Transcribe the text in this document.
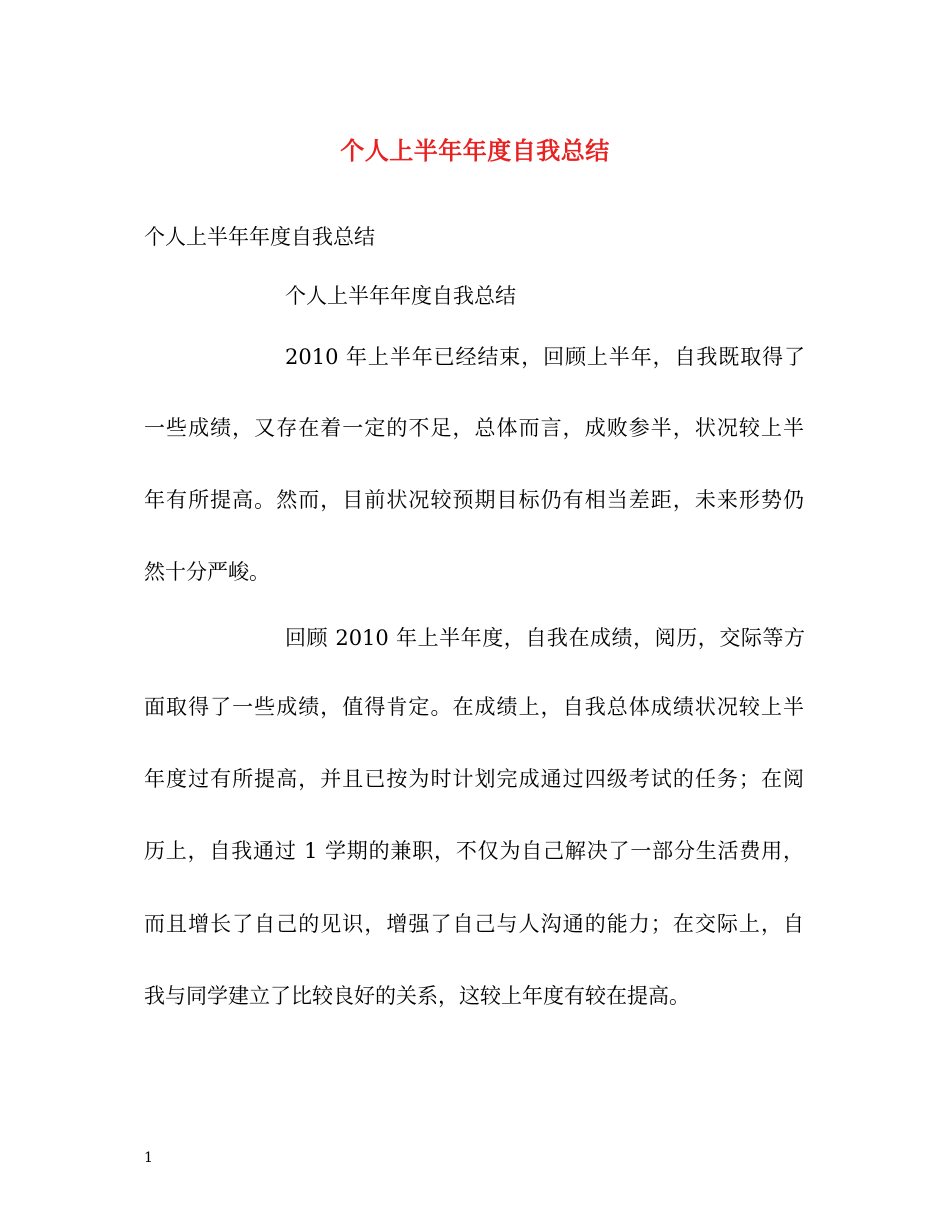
个人上半年年度自我总结
个人上半年年度自我总结
个人上半年年度自我总结
2010 年上半年已经结束，回顾上半年，自我既取得了
一些成绩，又存在着一定的不足，总体而言，成败参半，状况较上半
年有所提高。然而，目前状况较预期目标仍有相当差距，未来形势仍
然十分严峻。
回顾 2010 年上半年度，自我在成绩，阅历，交际等方
面取得了一些成绩，值得肯定。在成绩上，自我总体成绩状况较上半
年度过有所提高，并且已按为时计划完成通过四级考试的任务；在阅
历上，自我通过 1 学期的兼职，不仅为自己解决了一部分生活费用，
而且增长了自己的见识，增强了自己与人沟通的能力；在交际上，自
我与同学建立了比较良好的关系，这较上年度有较在提高。
1
